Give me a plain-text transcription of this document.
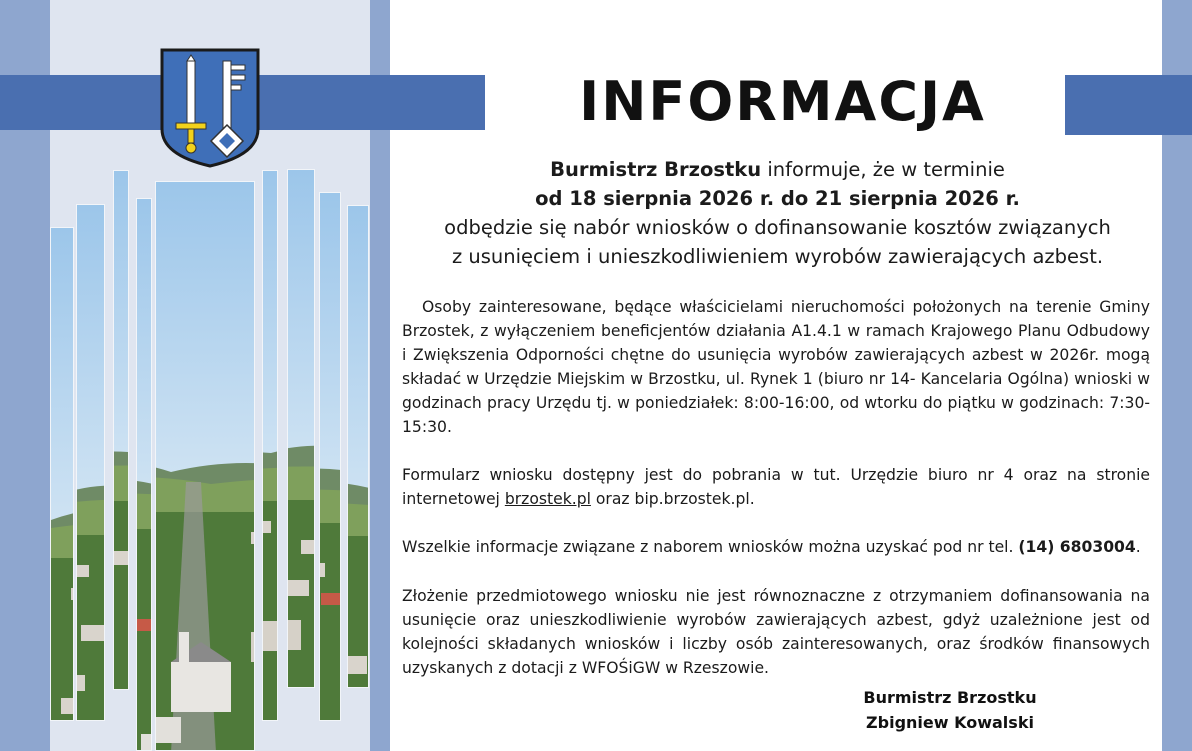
INFORMACJA
Burmistrz Brzostku informuje, że w terminie
od 18 sierpnia 2026 r. do 21 sierpnia 2026 r.
odbędzie się nabór wniosków o dofinansowanie kosztów związanych
z usunięciem i unieszkodliwieniem wyrobów zawierających azbest.
Osoby zainteresowane, będące właścicielami nieruchomości położonych na terenie Gminy Brzostek, z wyłączeniem beneficjentów działania A1.4.1 w ramach Krajowego Planu Odbudowy i Zwiększenia Odporności chętne do usunięcia wyrobów zawierających azbest w 2026r. mogą składać w Urzędzie Miejskim w Brzostku, ul. Rynek 1 (biuro nr 14- Kancelaria Ogólna) wnioski w godzinach pracy Urzędu tj. w poniedziałek: 8:00-16:00, od wtorku do piątku w godzinach: 7:30-15:30.
Formularz wniosku dostępny jest do pobrania w tut. Urzędzie biuro nr 4 oraz na stronie internetowej brzostek.pl oraz bip.brzostek.pl.
Wszelkie informacje związane z naborem wniosków można uzyskać pod nr tel. (14) 6803004.
Złożenie przedmiotowego wniosku nie jest równoznaczne z otrzymaniem dofinansowania na usunięcie oraz unieszkodliwienie wyrobów zawierających azbest, gdyż uzależnione jest od kolejności składanych wniosków i liczby osób zainteresowanych, oraz środków finansowych uzyskanych z dotacji z WFOŚiGW w Rzeszowie.
Burmistrz Brzostku
Zbigniew Kowalski
